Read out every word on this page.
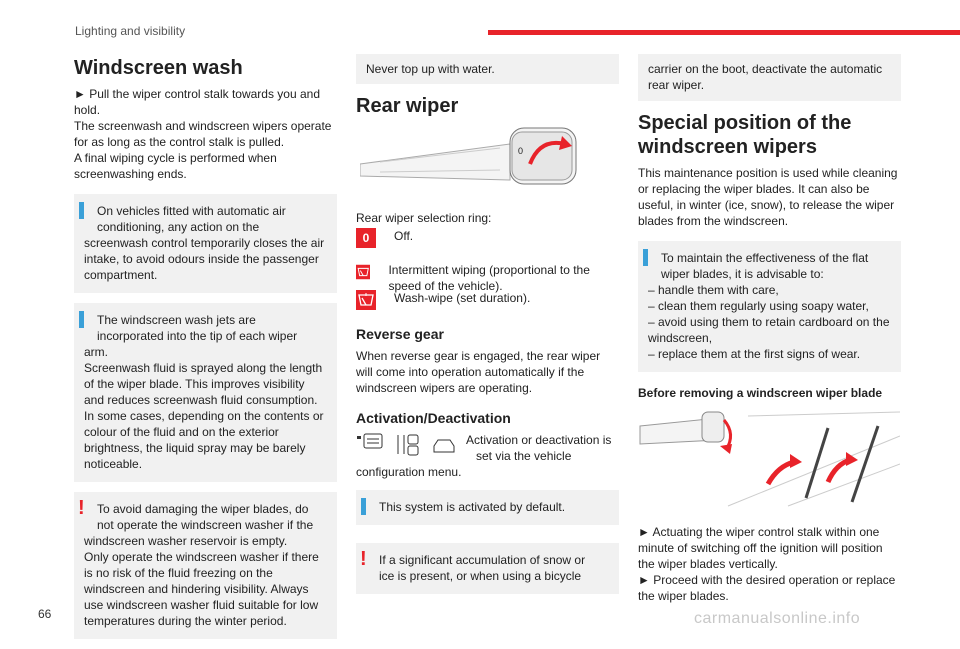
Lighting and visibility
Windscreen wash

► Pull the wiper control stalk towards you and hold.
The screenwash and windscreen wipers operate for as long as the control stalk is pulled.
A final wiping cycle is performed when screenwashing ends.

On vehicles fitted with automatic air
conditioning, any action on the
screenwash control temporarily closes the air intake, to avoid odours inside the passenger compartment.
The windscreen wash jets are
incorporated into the tip of each wiper
arm.
Screenwash fluid is sprayed along the length of the wiper blade. This improves visibility and reduces screenwash fluid consumption.
In some cases, depending on the contents or colour of the fluid and on the exterior brightness, the liquid spray may be barely noticeable.
!	To avoid damaging the wiper blades, do
not operate the windscreen washer if the
windscreen washer reservoir is empty.
Only operate the windscreen washer if there is no risk of the fluid freezing on the windscreen and hindering visibility. Always use windscreen washer fluid suitable for low temperatures during the winter period.
Never top up with water.
Rear wiper
0

Rear wiper selection ring:

0	Off.
Intermittent wiping (proportional to the speed of the vehicle).
Wash-wipe (set duration).
Reverse gear

When reverse gear is engaged, the rear wiper will come into operation automatically if the windscreen wipers are operating.

Activation/Deactivation
Activation or deactivation is
set via the vehicle

configuration menu.

This system is activated by default.
!	If a significant accumulation of snow or
ice is present, or when using a bicycle
carrier on the boot, deactivate the automatic rear wiper.
Special position of the windscreen wipers

This maintenance position is used while cleaning or replacing the wiper blades. It can also be useful, in winter (ice, snow), to release the wiper blades from the windscreen.

To maintain the effectiveness of the flat
wiper blades, it is advisable to:
– handle them with care,
– clean them regularly using soapy water,
– avoid using them to retain cardboard on the windscreen,
– replace them at the first signs of wear.
Before removing a windscreen wiper blade

► Actuating the wiper control stalk within one minute of switching off the ignition will position the wiper blades vertically.
► Proceed with the desired operation or replace the wiper blades.

66	carmanualsonline.info
